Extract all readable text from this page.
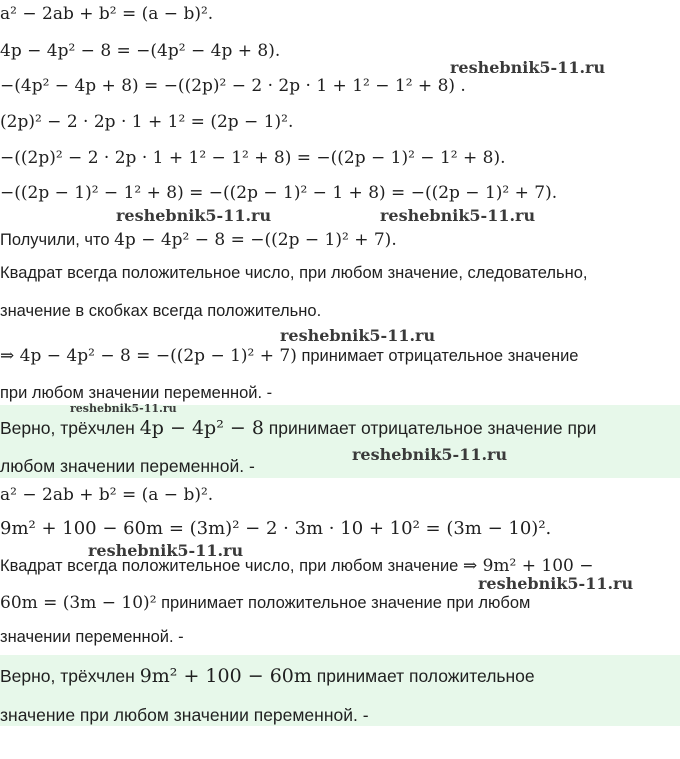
a² − 2ab + b² = (a − b)².
4p − 4p² − 8 = −(4p² − 4p + 8).
−(4p² − 4p + 8) = −((2p)² − 2 · 2p · 1 + 1² − 1² + 8) .
(2p)² − 2 · 2p · 1 + 1² = (2p − 1)².
−((2p)² − 2 · 2p · 1 + 1² − 1² + 8) = −((2p − 1)² − 1² + 8).
−((2p − 1)² − 1² + 8) = −((2p − 1)² − 1 + 8) = −((2p − 1)² + 7).
Получили, что 4p − 4p² − 8 = −((2p − 1)² + 7).
Квадрат всегда положительное число, при любом значение, следовательно,
значение в скобках всегда положительно.
⇒ 4p − 4p² − 8 = −((2p − 1)² + 7) принимает отрицательное значение
при любом значении переменной. -
Верно, трёхчлен 4p − 4p² − 8 принимает отрицательное значение при
любом значении переменной. -
a² − 2ab + b² = (a − b)².
9m² + 100 − 60m = (3m)² − 2 · 3m · 10 + 10² = (3m − 10)².
Квадрат всегда положительное число, при любом значение ⇒ 9m² + 100 −
60m = (3m − 10)² принимает положительное значение при любом
значении переменной. -
Верно, трёхчлен 9m² + 100 − 60m принимает положительное
значение при любом значении переменной. -
reshebnik5-11.ru
reshebnik5-11.ru	reshebnik5-11.ru
reshebnik5-11.ru
reshebnik5-11.ru
reshebnik5-11.ru
reshebnik5-11.ru
reshebnik5-11.ru
